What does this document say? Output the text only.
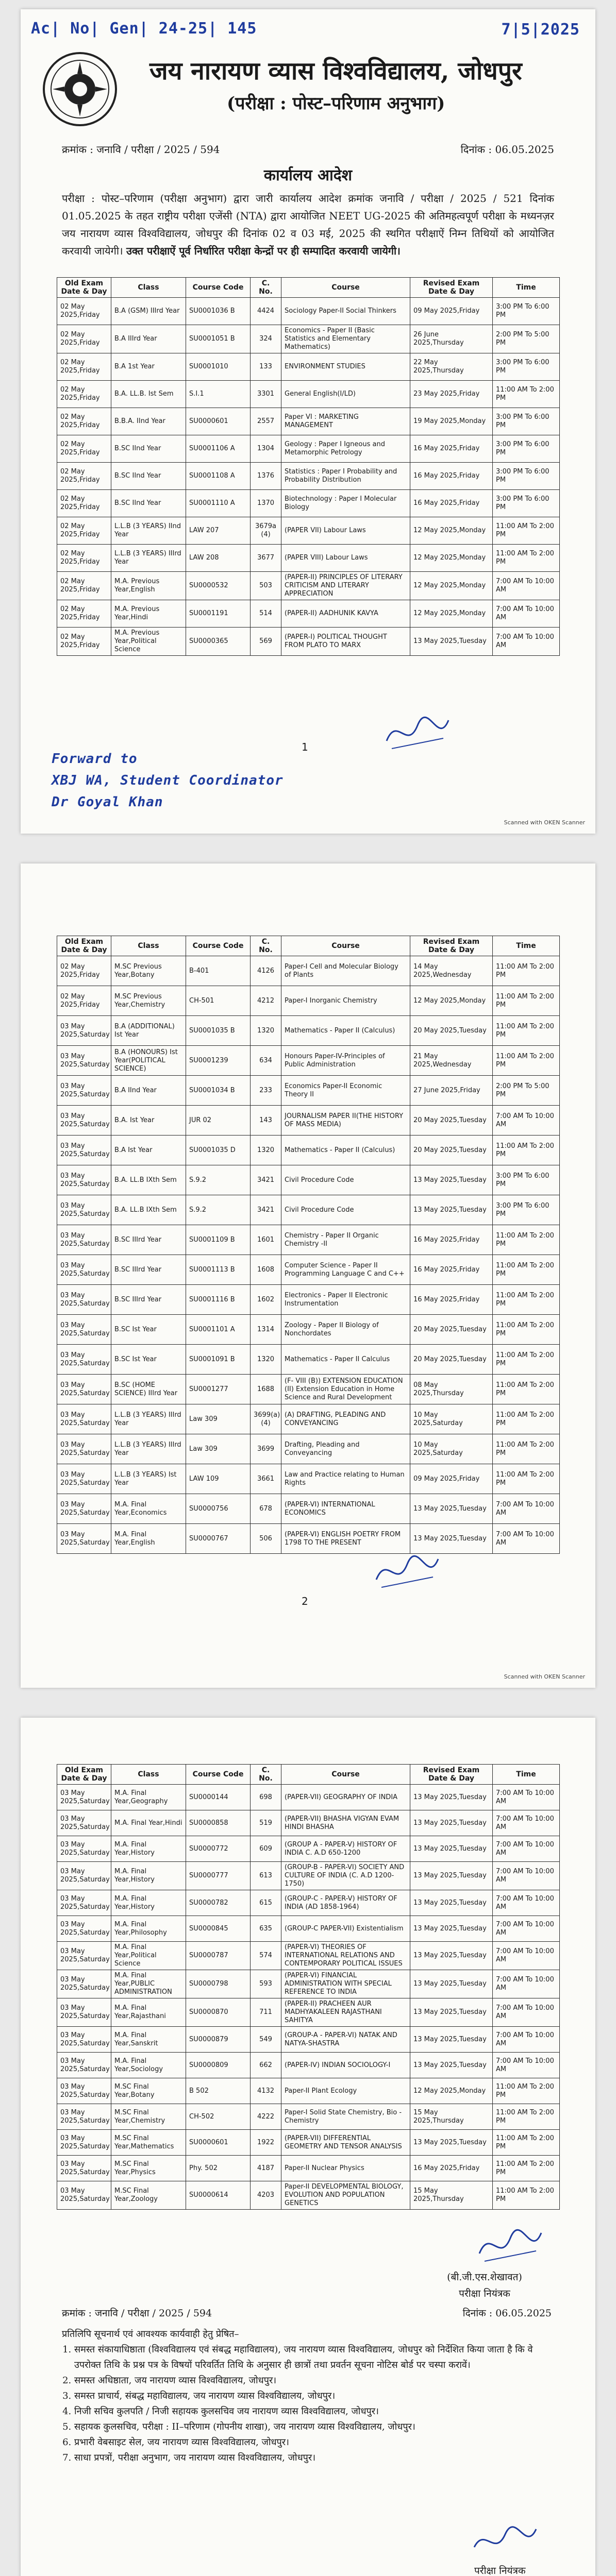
Ac| No| Gen| 24-25| 145	7|5|2025
जय नारायण व्यास विश्वविद्यालय, जोधपुर
(परीक्षा : पोस्ट–परिणाम अनुभाग)
क्रमांक : जनावि / परीक्षा / 2025 / 594	दिनांक : 06.05.2025
कार्यालय आदेश
परीक्षा : पोस्ट–परिणाम (परीक्षा अनुभाग) द्वारा जारी कार्यालय आदेश क्रमांक जनावि / परीक्षा / 2025 / 521 दिनांक 01.05.2025 के तहत राष्ट्रीय परीक्षा एजेंसी (NTA) द्वारा आयोजित NEET UG-2025 की अतिमहत्वपूर्ण परीक्षा के मध्यनज़र जय नारायण व्यास विश्वविद्यालय, जोधपुर की दिनांक 02 व 03 मई, 2025 की स्थगित परीक्षाऐं निम्न तिथियों को आयोजित करवायी जायेगी। उक्त परीक्षाऐं पूर्व निर्धारित परीक्षा केन्द्रों पर ही सम्पादित करवायी जायेगी।
Old Exam Date & Day	Class	Course Code	C. No.	Course	Revised Exam Date & Day	Time
02 May 2025,Friday	B.A (GSM) IIIrd Year	SU0001036 B	4424	Sociology Paper-II Social Thinkers	09 May 2025,Friday	3:00 PM To 6:00 PM
02 May 2025,Friday	B.A IIIrd Year	SU0001051 B	324	Economics - Paper II (Basic Statistics and Elementary Mathematics)	26 June 2025,Thursday	2:00 PM To 5:00 PM
02 May 2025,Friday	B.A 1st Year	SU0001010	133	ENVIRONMENT STUDIES	22 May 2025,Thursday	3:00 PM To 6:00 PM
02 May 2025,Friday	B.A. LL.B. Ist Sem	S.I.1	3301	General English(I/LD)	23 May 2025,Friday	11:00 AM To 2:00 PM
02 May 2025,Friday	B.B.A. IInd Year	SU0000601	2557	Paper VI : MARKETING MANAGEMENT	19 May 2025,Monday	3:00 PM To 6:00 PM
02 May 2025,Friday	B.SC IInd Year	SU0001106 A	1304	Geology : Paper I Igneous and Metamorphic Petrology	16 May 2025,Friday	3:00 PM To 6:00 PM
02 May 2025,Friday	B.SC IInd Year	SU0001108 A	1376	Statistics : Paper I Probability and Probability Distribution	16 May 2025,Friday	3:00 PM To 6:00 PM
02 May 2025,Friday	B.SC IInd Year	SU0001110 A	1370	Biotechnology : Paper I Molecular Biology	16 May 2025,Friday	3:00 PM To 6:00 PM
02 May 2025,Friday	L.L.B (3 YEARS) IInd Year	LAW 207	3679a (4)	(PAPER VII) Labour Laws	12 May 2025,Monday	11:00 AM To 2:00 PM
02 May 2025,Friday	L.L.B (3 YEARS) IIIrd Year	LAW 208	3677	(PAPER VIII) Labour Laws	12 May 2025,Monday	11:00 AM To 2:00 PM
02 May 2025,Friday	M.A. Previous Year,English	SU0000532	503	(PAPER-II) PRINCIPLES OF LITERARY CRITICISM AND LITERARY APPRECIATION	12 May 2025,Monday	7:00 AM To 10:00 AM
02 May 2025,Friday	M.A. Previous Year,Hindi	SU0001191	514	(PAPER-II) AADHUNIK KAVYA	12 May 2025,Monday	7:00 AM To 10:00 AM
02 May 2025,Friday	M.A. Previous Year,Political Science	SU0000365	569	(PAPER-I) POLITICAL THOUGHT FROM PLATO TO MARX	13 May 2025,Tuesday	7:00 AM To 10:00 AM
1
Forward to
XBJ WA, Student Coordinator
Dr Goyal Khan
Scanned with OKEN Scanner
Old Exam Date & Day	Class	Course Code	C. No.	Course	Revised Exam Date & Day	Time
02 May 2025,Friday	M.SC Previous Year,Botany	B-401	4126	Paper-I Cell and Molecular Biology of Plants	14 May 2025,Wednesday	11:00 AM To 2:00 PM
02 May 2025,Friday	M.SC Previous Year,Chemistry	CH-501	4212	Paper-I Inorganic Chemistry	12 May 2025,Monday	11:00 AM To 2:00 PM
03 May 2025,Saturday	B.A (ADDITIONAL) Ist Year	SU0001035 B	1320	Mathematics - Paper II (Calculus)	20 May 2025,Tuesday	11:00 AM To 2:00 PM
03 May 2025,Saturday	B.A (HONOURS) Ist Year(POLITICAL SCIENCE)	SU0001239	634	Honours Paper-IV-Principles of Public Administration	21 May 2025,Wednesday	11:00 AM To 2:00 PM
03 May 2025,Saturday	B.A IInd Year	SU0001034 B	233	Economics Paper-II Economic Theory II	27 June 2025,Friday	2:00 PM To 5:00 PM
03 May 2025,Saturday	B.A. Ist Year	JUR 02	143	JOURNALISM PAPER II(THE HISTORY OF MASS MEDIA)	20 May 2025,Tuesday	7:00 AM To 10:00 AM
03 May 2025,Saturday	B.A Ist Year	SU0001035 D	1320	Mathematics - Paper II (Calculus)	20 May 2025,Tuesday	11:00 AM To 2:00 PM
03 May 2025,Saturday	B.A. LL.B IXth Sem	S.9.2	3421	Civil Procedure Code	13 May 2025,Tuesday	3:00 PM To 6:00 PM
03 May 2025,Saturday	B.A. LL.B IXth Sem	S.9.2	3421	Civil Procedure Code	13 May 2025,Tuesday	3:00 PM To 6:00 PM
03 May 2025,Saturday	B.SC IIIrd Year	SU0001109 B	1601	Chemistry - Paper II Organic Chemistry -II	16 May 2025,Friday	11:00 AM To 2:00 PM
03 May 2025,Saturday	B.SC IIIrd Year	SU0001113 B	1608	Computer Science - Paper II Programming Language C and C++	16 May 2025,Friday	11:00 AM To 2:00 PM
03 May 2025,Saturday	B.SC IIIrd Year	SU0001116 B	1602	Electronics - Paper II Electronic Instrumentation	16 May 2025,Friday	11:00 AM To 2:00 PM
03 May 2025,Saturday	B.SC Ist Year	SU0001101 A	1314	Zoology - Paper II Biology of Nonchordates	20 May 2025,Tuesday	11:00 AM To 2:00 PM
03 May 2025,Saturday	B.SC Ist Year	SU0001091 B	1320	Mathematics - Paper II Calculus	20 May 2025,Tuesday	11:00 AM To 2:00 PM
03 May 2025,Saturday	B.SC (HOME SCIENCE) IIIrd Year	SU0001277	1688	(F- VIII (B)) EXTENSION EDUCATION (II) Extension Education in Home Science and Rural Development	08 May 2025,Thursday	11:00 AM To 2:00 PM
03 May 2025,Saturday	L.L.B (3 YEARS) IIIrd Year	Law 309	3699(a) (4)	(A) DRAFTING, PLEADING AND CONVEYANCING	10 May 2025,Saturday	11:00 AM To 2:00 PM
03 May 2025,Saturday	L.L.B (3 YEARS) IIIrd Year	Law 309	3699	Drafting, Pleading and Conveyancing	10 May 2025,Saturday	11:00 AM To 2:00 PM
03 May 2025,Saturday	L.L.B (3 YEARS) Ist Year	LAW 109	3661	Law and Practice relating to Human Rights	09 May 2025,Friday	11:00 AM To 2:00 PM
03 May 2025,Saturday	M.A. Final Year,Economics	SU0000756	678	(PAPER-VI) INTERNATIONAL ECONOMICS	13 May 2025,Tuesday	7:00 AM To 10:00 AM
03 May 2025,Saturday	M.A. Final Year,English	SU0000767	506	(PAPER-VI) ENGLISH POETRY FROM 1798 TO THE PRESENT	13 May 2025,Tuesday	7:00 AM To 10:00 AM
2
Scanned with OKEN Scanner
Old Exam Date & Day	Class	Course Code	C. No.	Course	Revised Exam Date & Day	Time
03 May 2025,Saturday	M.A. Final Year,Geography	SU0000144	698	(PAPER-VII) GEOGRAPHY OF INDIA	13 May 2025,Tuesday	7:00 AM To 10:00 AM
03 May 2025,Saturday	M.A. Final Year,Hindi	SU0000858	519	(PAPER-VII) BHASHA VIGYAN EVAM HINDI BHASHA	13 May 2025,Tuesday	7:00 AM To 10:00 AM
03 May 2025,Saturday	M.A. Final Year,History	SU0000772	609	(GROUP A - PAPER-V) HISTORY OF INDIA C. A.D 650-1200	13 May 2025,Tuesday	7:00 AM To 10:00 AM
03 May 2025,Saturday	M.A. Final Year,History	SU0000777	613	(GROUP-B - PAPER-VI) SOCIETY AND CULTURE OF INDIA (C. A.D 1200-1750)	13 May 2025,Tuesday	7:00 AM To 10:00 AM
03 May 2025,Saturday	M.A. Final Year,History	SU0000782	615	(GROUP-C - PAPER-V) HISTORY OF INDIA (AD 1858-1964)	13 May 2025,Tuesday	7:00 AM To 10:00 AM
03 May 2025,Saturday	M.A. Final Year,Philosophy	SU0000845	635	(GROUP-C PAPER-VII) Existentialism	13 May 2025,Tuesday	7:00 AM To 10:00 AM
03 May 2025,Saturday	M.A. Final Year,Political Science	SU0000787	574	(PAPER-VI) THEORIES OF INTERNATIONAL RELATIONS AND CONTEMPORARY POLITICAL ISSUES	13 May 2025,Tuesday	7:00 AM To 10:00 AM
03 May 2025,Saturday	M.A. Final Year,PUBLIC ADMINISTRATION	SU0000798	593	(PAPER-VI) FINANCIAL ADMINISTRATION WITH SPECIAL REFERENCE TO INDIA	13 May 2025,Tuesday	7:00 AM To 10:00 AM
03 May 2025,Saturday	M.A. Final Year,Rajasthani	SU0000870	711	(PAPER-II) PRACHEEN AUR MADHYAKALEEN RAJASTHANI SAHITYA	13 May 2025,Tuesday	7:00 AM To 10:00 AM
03 May 2025,Saturday	M.A. Final Year,Sanskrit	SU0000879	549	(GROUP-A - PAPER-VI) NATAK AND NATYA-SHASTRA	13 May 2025,Tuesday	7:00 AM To 10:00 AM
03 May 2025,Saturday	M.A. Final Year,Sociology	SU0000809	662	(PAPER-IV) INDIAN SOCIOLOGY-I	13 May 2025,Tuesday	7:00 AM To 10:00 AM
03 May 2025,Saturday	M.SC Final Year,Botany	B 502	4132	Paper-II Plant Ecology	12 May 2025,Monday	11:00 AM To 2:00 PM
03 May 2025,Saturday	M.SC Final Year,Chemistry	CH-502	4222	Paper-I Solid State Chemistry, Bio - Chemistry	15 May 2025,Thursday	11:00 AM To 2:00 PM
03 May 2025,Saturday	M.SC Final Year,Mathematics	SU0000601	1922	(PAPER-VII) DIFFERENTIAL GEOMETRY AND TENSOR ANALYSIS	13 May 2025,Tuesday	11:00 AM To 2:00 PM
03 May 2025,Saturday	M.SC Final Year,Physics	Phy. 502	4187	Paper-II Nuclear Physics	16 May 2025,Friday	11:00 AM To 2:00 PM
03 May 2025,Saturday	M.SC Final Year,Zoology	SU0000614	4203	Paper-II DEVELOPMENTAL BIOLOGY, EVOLUTION AND POPULATION GENETICS	15 May 2025,Thursday	11:00 AM To 2:00 PM
(बी.जी.एस.शेखावत)
परीक्षा नियंत्रक
क्रमांक : जनावि / परीक्षा / 2025 / 594	दिनांक : 06.05.2025
प्रतिलिपि सूचनार्थ एवं आवश्यक कार्यवाही हेतु प्रेषित–
1. समस्त संकायाधिष्ठाता (विश्वविद्यालय एवं संबद्ध महाविद्यालय), जय नारायण व्यास विश्वविद्यालय, जोधपुर को निर्देशित किया जाता है कि वे उपरोक्त तिथि के प्रश्न पत्र के विषयों परिवर्तित तिथि के अनुसार ही छात्रों तथा प्रवर्तन सूचना नोटिस बोर्ड पर चस्पा करावें।
2. समस्त अधिष्ठाता, जय नारायण व्यास विश्वविद्यालय, जोधपुर।
3. समस्त प्राचार्य, संबद्ध महाविद्यालय, जय नारायण व्यास विश्वविद्यालय, जोधपुर।
4. निजी सचिव कुलपति / निजी सहायक कुलसचिव जय नारायण व्यास विश्वविद्यालय, जोधपुर।
5. सहायक कुलसचिव, परीक्षा : II–परिणाम (गोपनीय शाखा), जय नारायण व्यास विश्वविद्यालय, जोधपुर।
6. प्रभारी वेबसाइट सेल, जय नारायण व्यास विश्वविद्यालय, जोधपुर।
7. साधा प्रपत्रों, परीक्षा अनुभाग, जय नारायण व्यास विश्वविद्यालय, जोधपुर।
परीक्षा नियंत्रक
